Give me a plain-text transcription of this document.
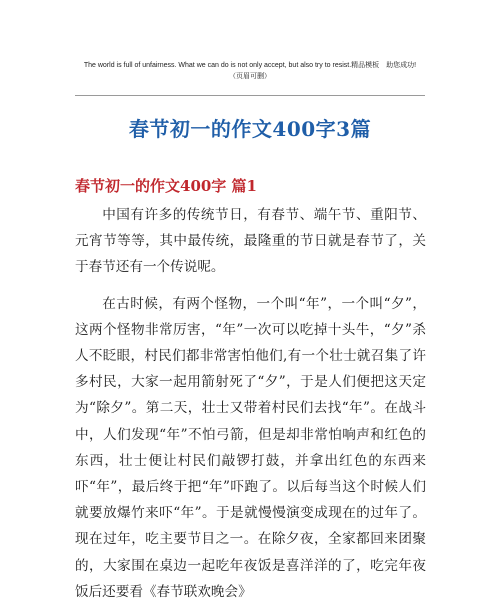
The world is full of unfairness. What we can do is not only accept, but also try to resist.精品模板　助您成功!
（页眉可删）
春节初一的作文400字3篇
春节初一的作文400字 篇1

中国有许多的传统节日，有春节、端午节、重阳节、元宵节等等，其中最传统，最隆重的节日就是春节了，关于春节还有一个传说呢。

在古时候，有两个怪物，一个叫“年”，一个叫“夕”，这两个怪物非常厉害，“年”一次可以吃掉十头牛，“夕”杀人不眨眼，村民们都非常害怕他们,有一个壮士就召集了许多村民，大家一起用箭射死了“夕”，于是人们便把这天定为“除夕”。第二天，壮士又带着村民们去找“年”。在战斗中，人们发现“年”不怕弓箭，但是却非常怕响声和红色的东西，壮士便让村民们敲锣打鼓，并拿出红色的东西来吓“年”，最后终于把“年”吓跑了。以后每当这个时候人们就要放爆竹来吓“年”。于是就慢慢演变成现在的过年了。 现在过年，吃主要节目之一。在除夕夜，全家都回来团聚的，大家围在桌边一起吃年夜饭是喜洋洋的了，吃完年夜饭后还要看《春节联欢晚会》
